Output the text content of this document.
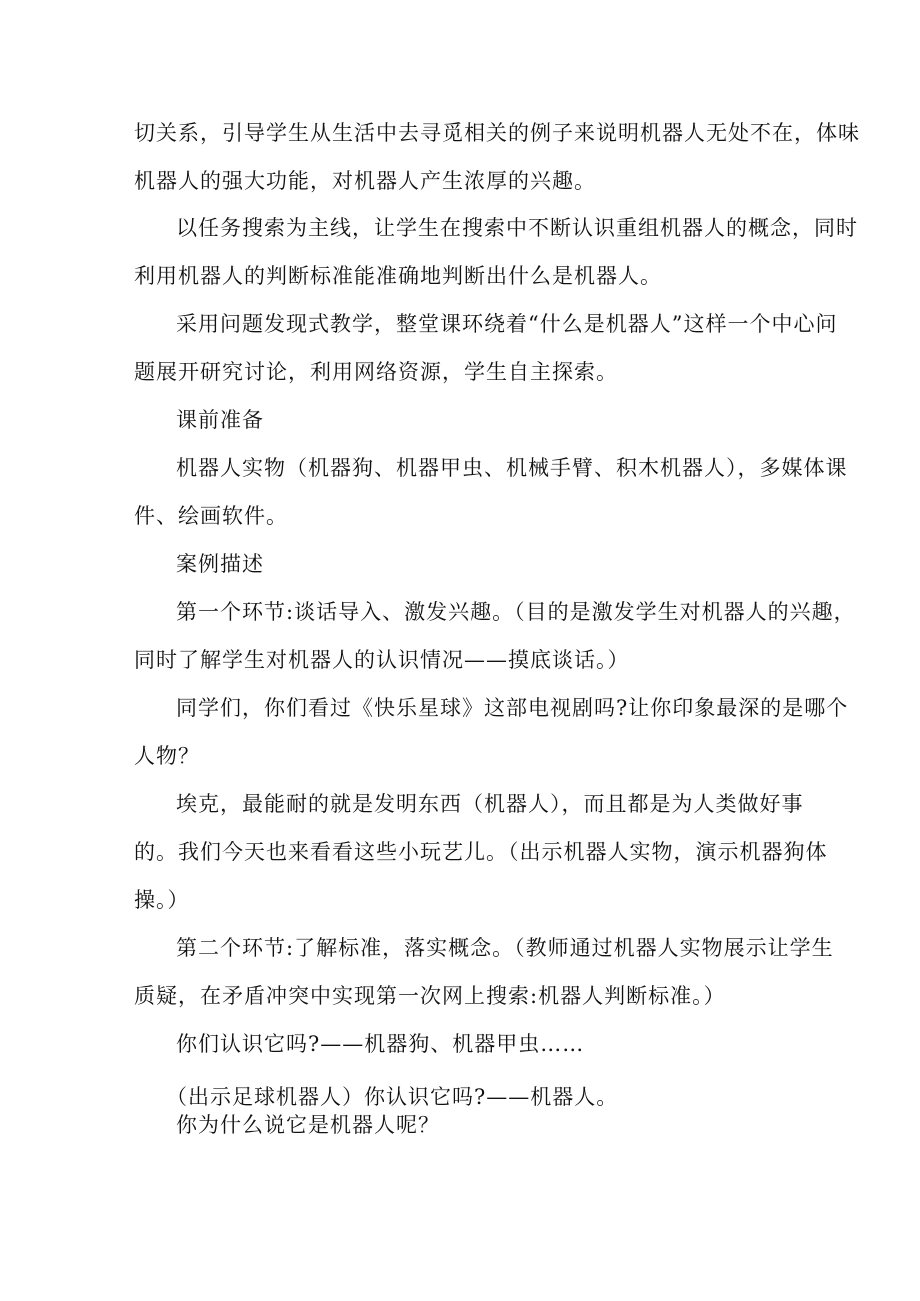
切关系，引导学生从生活中去寻觅相关的例子来说明机器人无处不在，体味
机器人的强大功能，对机器人产生浓厚的兴趣。
以任务搜索为主线，让学生在搜索中不断认识重组机器人的概念，同时
利用机器人的判断标准能准确地判断出什么是机器人。
采用问题发现式教学，整堂课环绕着“什么是机器人”这样一个中心问
题展开研究讨论，利用网络资源，学生自主探索。
课前准备
机器人实物（机器狗、机器甲虫、机械手臂、积木机器人），多媒体课
件、绘画软件。
案例描述
第一个环节:谈话导入、激发兴趣。（目的是激发学生对机器人的兴趣，
同时了解学生对机器人的认识情况——摸底谈话。）
同学们，你们看过《快乐星球》这部电视剧吗?让你印象最深的是哪个
人物？
埃克，最能耐的就是发明东西（机器人），而且都是为人类做好事
的。我们今天也来看看这些小玩艺儿。（出示机器人实物，演示机器狗体
操。）
第二个环节:了解标准，落实概念。（教师通过机器人实物展示让学生
质疑，在矛盾冲突中实现第一次网上搜索:机器人判断标准。）
你们认识它吗?——机器狗、机器甲虫……
（出示足球机器人）你认识它吗?——机器人。
你为什么说它是机器人呢？
